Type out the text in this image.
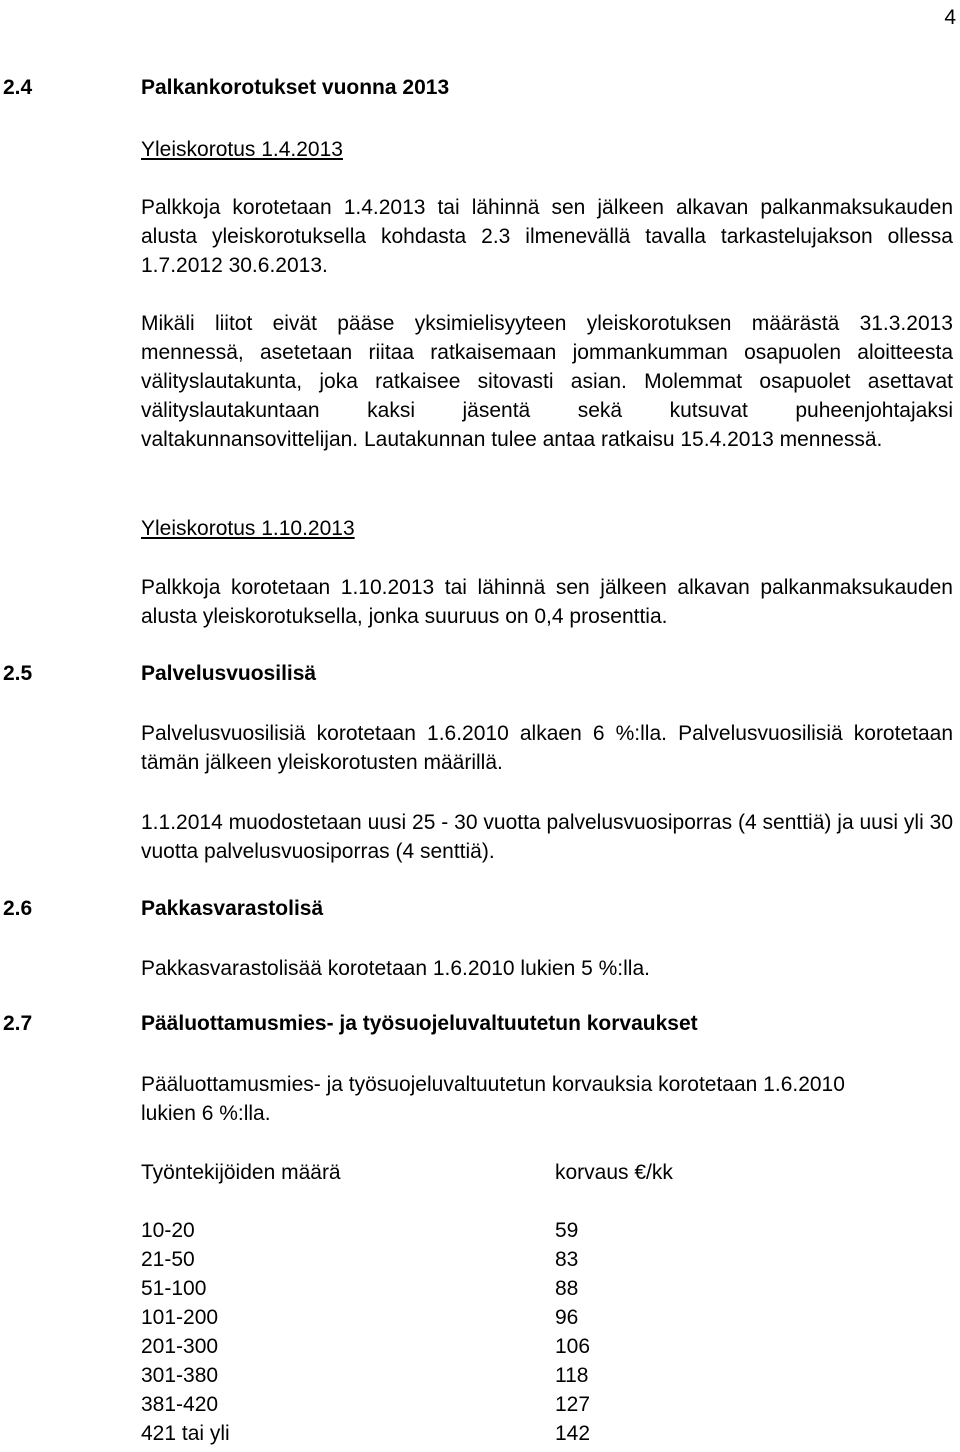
4
2.4	Palkankorotukset vuonna 2013

Yleiskorotus 1.4.2013

Palkkoja korotetaan 1.4.2013 tai lähinnä sen jälkeen alkavan palkanmaksukauden alusta yleiskorotuksella kohdasta 2.3 ilmenevällä tavalla tarkastelujakson ollessa 1.7.2012 30.6.2013.

Mikäli liitot eivät pääse yksimielisyyteen yleiskorotuksen määrästä 31.3.2013 mennessä, asetetaan riitaa ratkaisemaan jommankumman osapuolen aloitteesta välityslautakunta, joka ratkaisee sitovasti asian. Molemmat osapuolet asettavat välityslautakuntaan kaksi jäsentä sekä kutsuvat puheenjohtajaksi valtakunnansovittelijan. Lautakunnan tulee antaa ratkaisu 15.4.2013 mennessä.

Yleiskorotus 1.10.2013

Palkkoja korotetaan 1.10.2013 tai lähinnä sen jälkeen alkavan palkanmaksukauden alusta yleiskorotuksella, jonka suuruus on 0,4 prosenttia.

2.5	Palvelusvuosilisä

Palvelusvuosilisiä korotetaan 1.6.2010 alkaen 6 %:lla. Palvelusvuosilisiä korotetaan tämän jälkeen yleiskorotusten määrillä.

1.1.2014 muodostetaan uusi 25 - 30 vuotta palvelusvuosiporras (4 senttiä) ja uusi yli 30 vuotta palvelusvuosiporras (4 senttiä).

2.6	Pakkasvarastolisä

Pakkasvarastolisää korotetaan 1.6.2010 lukien 5 %:lla.

2.7	Pääluottamusmies- ja työsuojeluvaltuutetun korvaukset

Pääluottamusmies- ja työsuojeluvaltuutetun korvauksia korotetaan 1.6.2010 lukien 6 %:lla.

Työntekijöiden määrä	korvaus €/kk
10-20	59
21-50	83
51-100	88
101-200	96
201-300	106
301-380	118
381-420	127
421 tai yli	142
